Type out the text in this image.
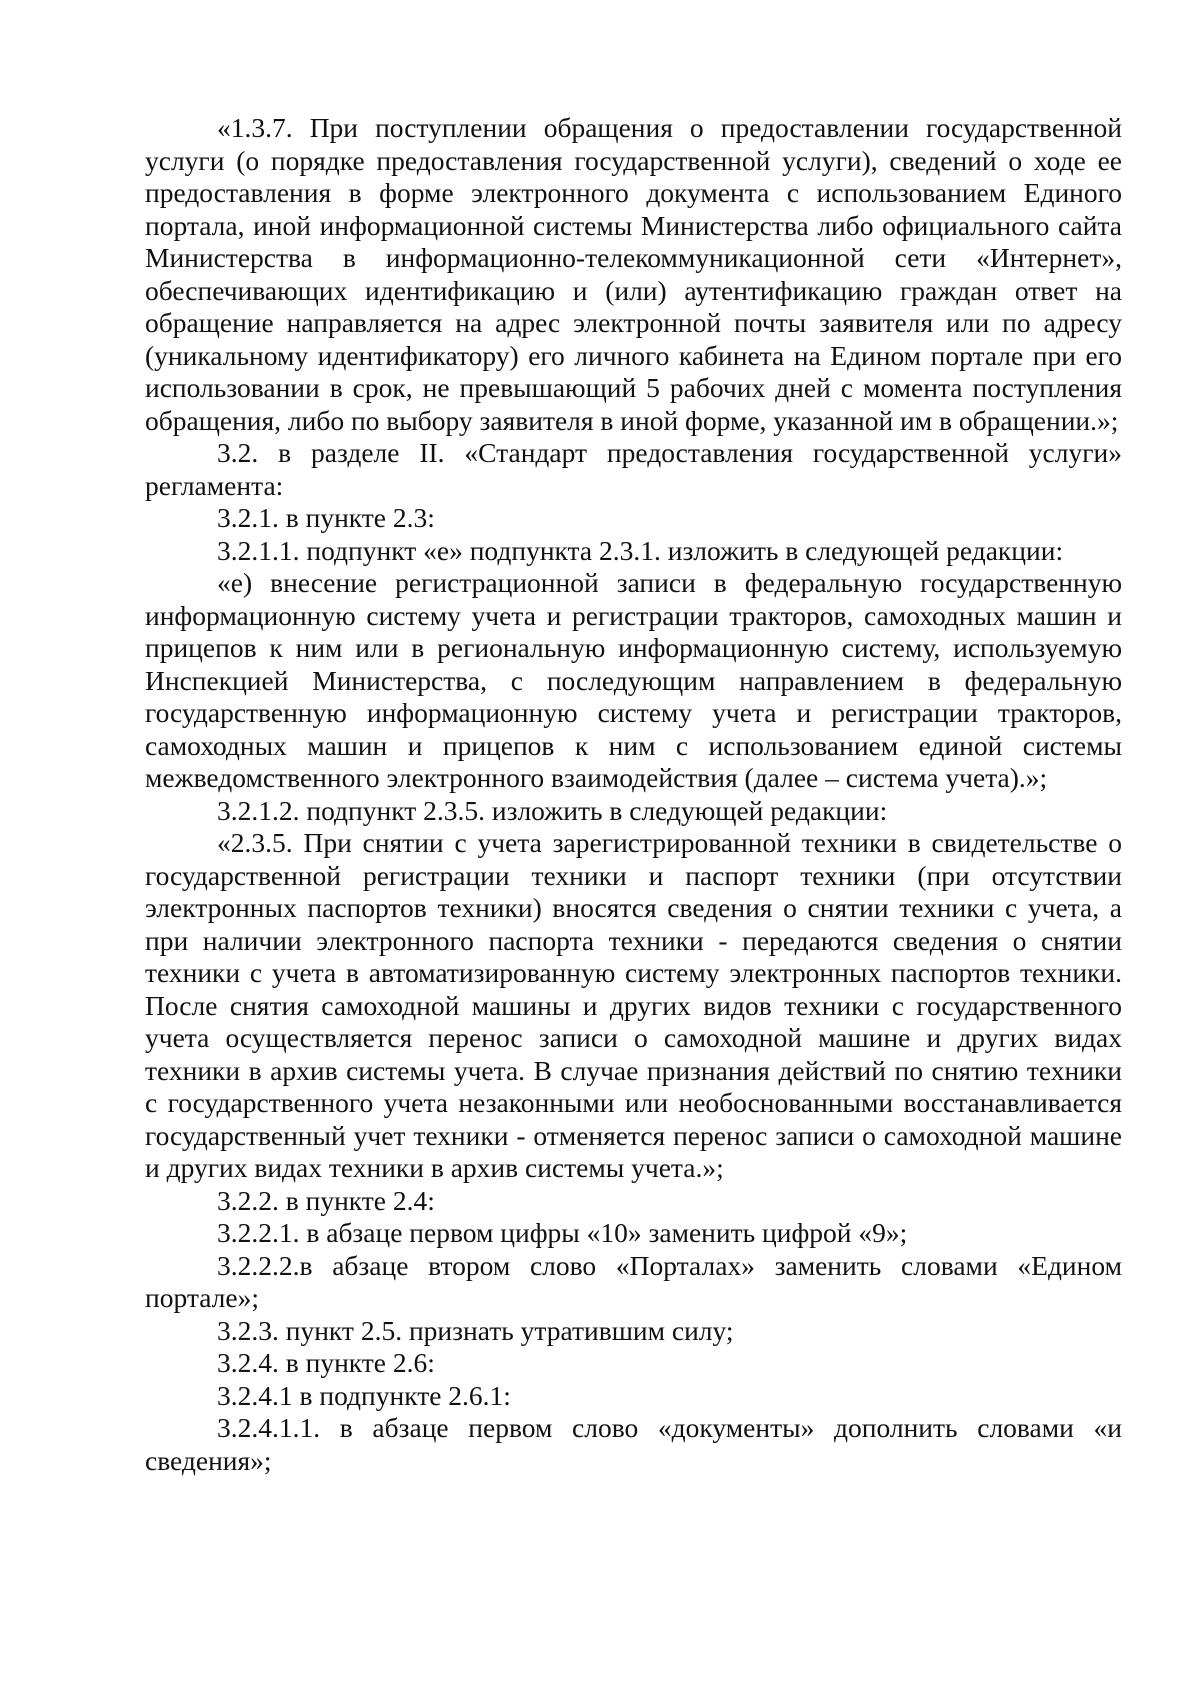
«1.3.7. При поступлении обращения о предоставлении государственной услуги (о порядке предоставления государственной услуги), сведений о ходе ее предоставления в форме электронного документа с использованием Единого портала, иной информационной системы Министерства либо официального сайта Министерства в информационно-телекоммуникационной сети «Интернет», обеспечивающих идентификацию и (или) аутентификацию граждан ответ на обращение направляется на адрес электронной почты заявителя или по адресу (уникальному идентификатору) его личного кабинета на Едином портале при его использовании в срок, не превышающий 5 рабочих дней с момента поступления обращения, либо по выбору заявителя в иной форме, указанной им в обращении.»;

3.2. в разделе II. «Стандарт предоставления государственной услуги» регламента:

3.2.1. в пункте 2.3:

3.2.1.1. подпункт «е» подпункта 2.3.1. изложить в следующей редакции:

«е) внесение регистрационной записи в федеральную государственную информационную систему учета и регистрации тракторов, самоходных машин и прицепов к ним или в региональную информационную систему, используемую Инспекцией Министерства, с последующим направлением в федеральную государственную информационную систему учета и регистрации тракторов, самоходных машин и прицепов к ним с использованием единой системы межведомственного электронного взаимодействия (далее – система учета).»;

3.2.1.2. подпункт 2.3.5. изложить в следующей редакции:

«2.3.5. При снятии с учета зарегистрированной техники в свидетельстве о государственной регистрации техники и паспорт техники (при отсутствии электронных паспортов техники) вносятся сведения о снятии техники с учета, а при наличии электронного паспорта техники - передаются сведения о снятии техники с учета в автоматизированную систему электронных паспортов техники. После снятия самоходной машины и других видов техники с государственного учета осуществляется перенос записи о самоходной машине и других видах техники в архив системы учета. В случае признания действий по снятию техники с государственного учета незаконными или необоснованными восстанавливается государственный учет техники - отменяется перенос записи о самоходной машине и других видах техники в архив системы учета.»;

3.2.2. в пункте 2.4:

3.2.2.1. в абзаце первом цифры «10» заменить цифрой «9»;

3.2.2.2.в абзаце втором слово «Порталах» заменить словами «Едином портале»;

3.2.3. пункт 2.5. признать утратившим силу;

3.2.4. в пункте 2.6:

3.2.4.1 в подпункте 2.6.1:

3.2.4.1.1. в абзаце первом слово «документы» дополнить словами «и сведения»;
